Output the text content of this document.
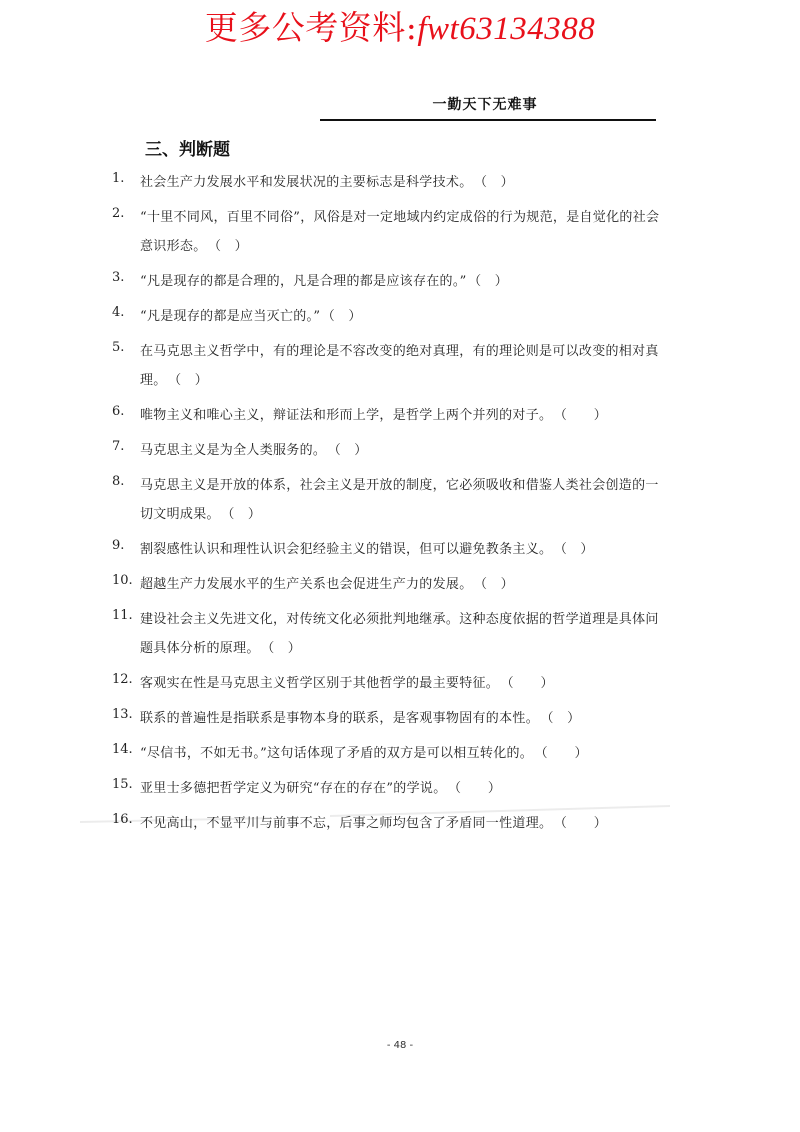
更多公考资料:fwt63134388
一勤天下无难事
三、判断题
1. 社会生产力发展水平和发展状况的主要标志是科学技术。 （　）
2. “十里不同风，百里不同俗”，风俗是对一定地域内约定成俗的行为规范，是自觉化的社会意识形态。 （　）
3. “凡是现存的都是合理的，凡是合理的都是应该存在的。” （　）
4. “凡是现存的都是应当灭亡的。” （　）
5. 在马克思主义哲学中，有的理论是不容改变的绝对真理，有的理论则是可以改变的相对真理。 （　）
6. 唯物主义和唯心主义，辩证法和形而上学，是哲学上两个并列的对子。 （　　）
7. 马克思主义是为全人类服务的。 （　）
8. 马克思主义是开放的体系，社会主义是开放的制度，它必须吸收和借鉴人类社会创造的一切文明成果。 （　）
9. 割裂感性认识和理性认识会犯经验主义的错误，但可以避免教条主义。 （　）
10. 超越生产力发展水平的生产关系也会促进生产力的发展。 （　）
11. 建设社会主义先进文化，对传统文化必须批判地继承。这种态度依据的哲学道理是具体问题具体分析的原理。 （　）
12. 客观实在性是马克思主义哲学区别于其他哲学的最主要特征。 （　　）
13. 联系的普遍性是指联系是事物本身的联系，是客观事物固有的本性。 （　）
14. “尽信书，不如无书。”这句话体现了矛盾的双方是可以相互转化的。 （　　）
15. 亚里士多德把哲学定义为研究“存在的存在”的学说。 （　　）
16. 不见高山，不显平川与前事不忘，后事之师均包含了矛盾同一性道理。 （　　）
- 48 -
